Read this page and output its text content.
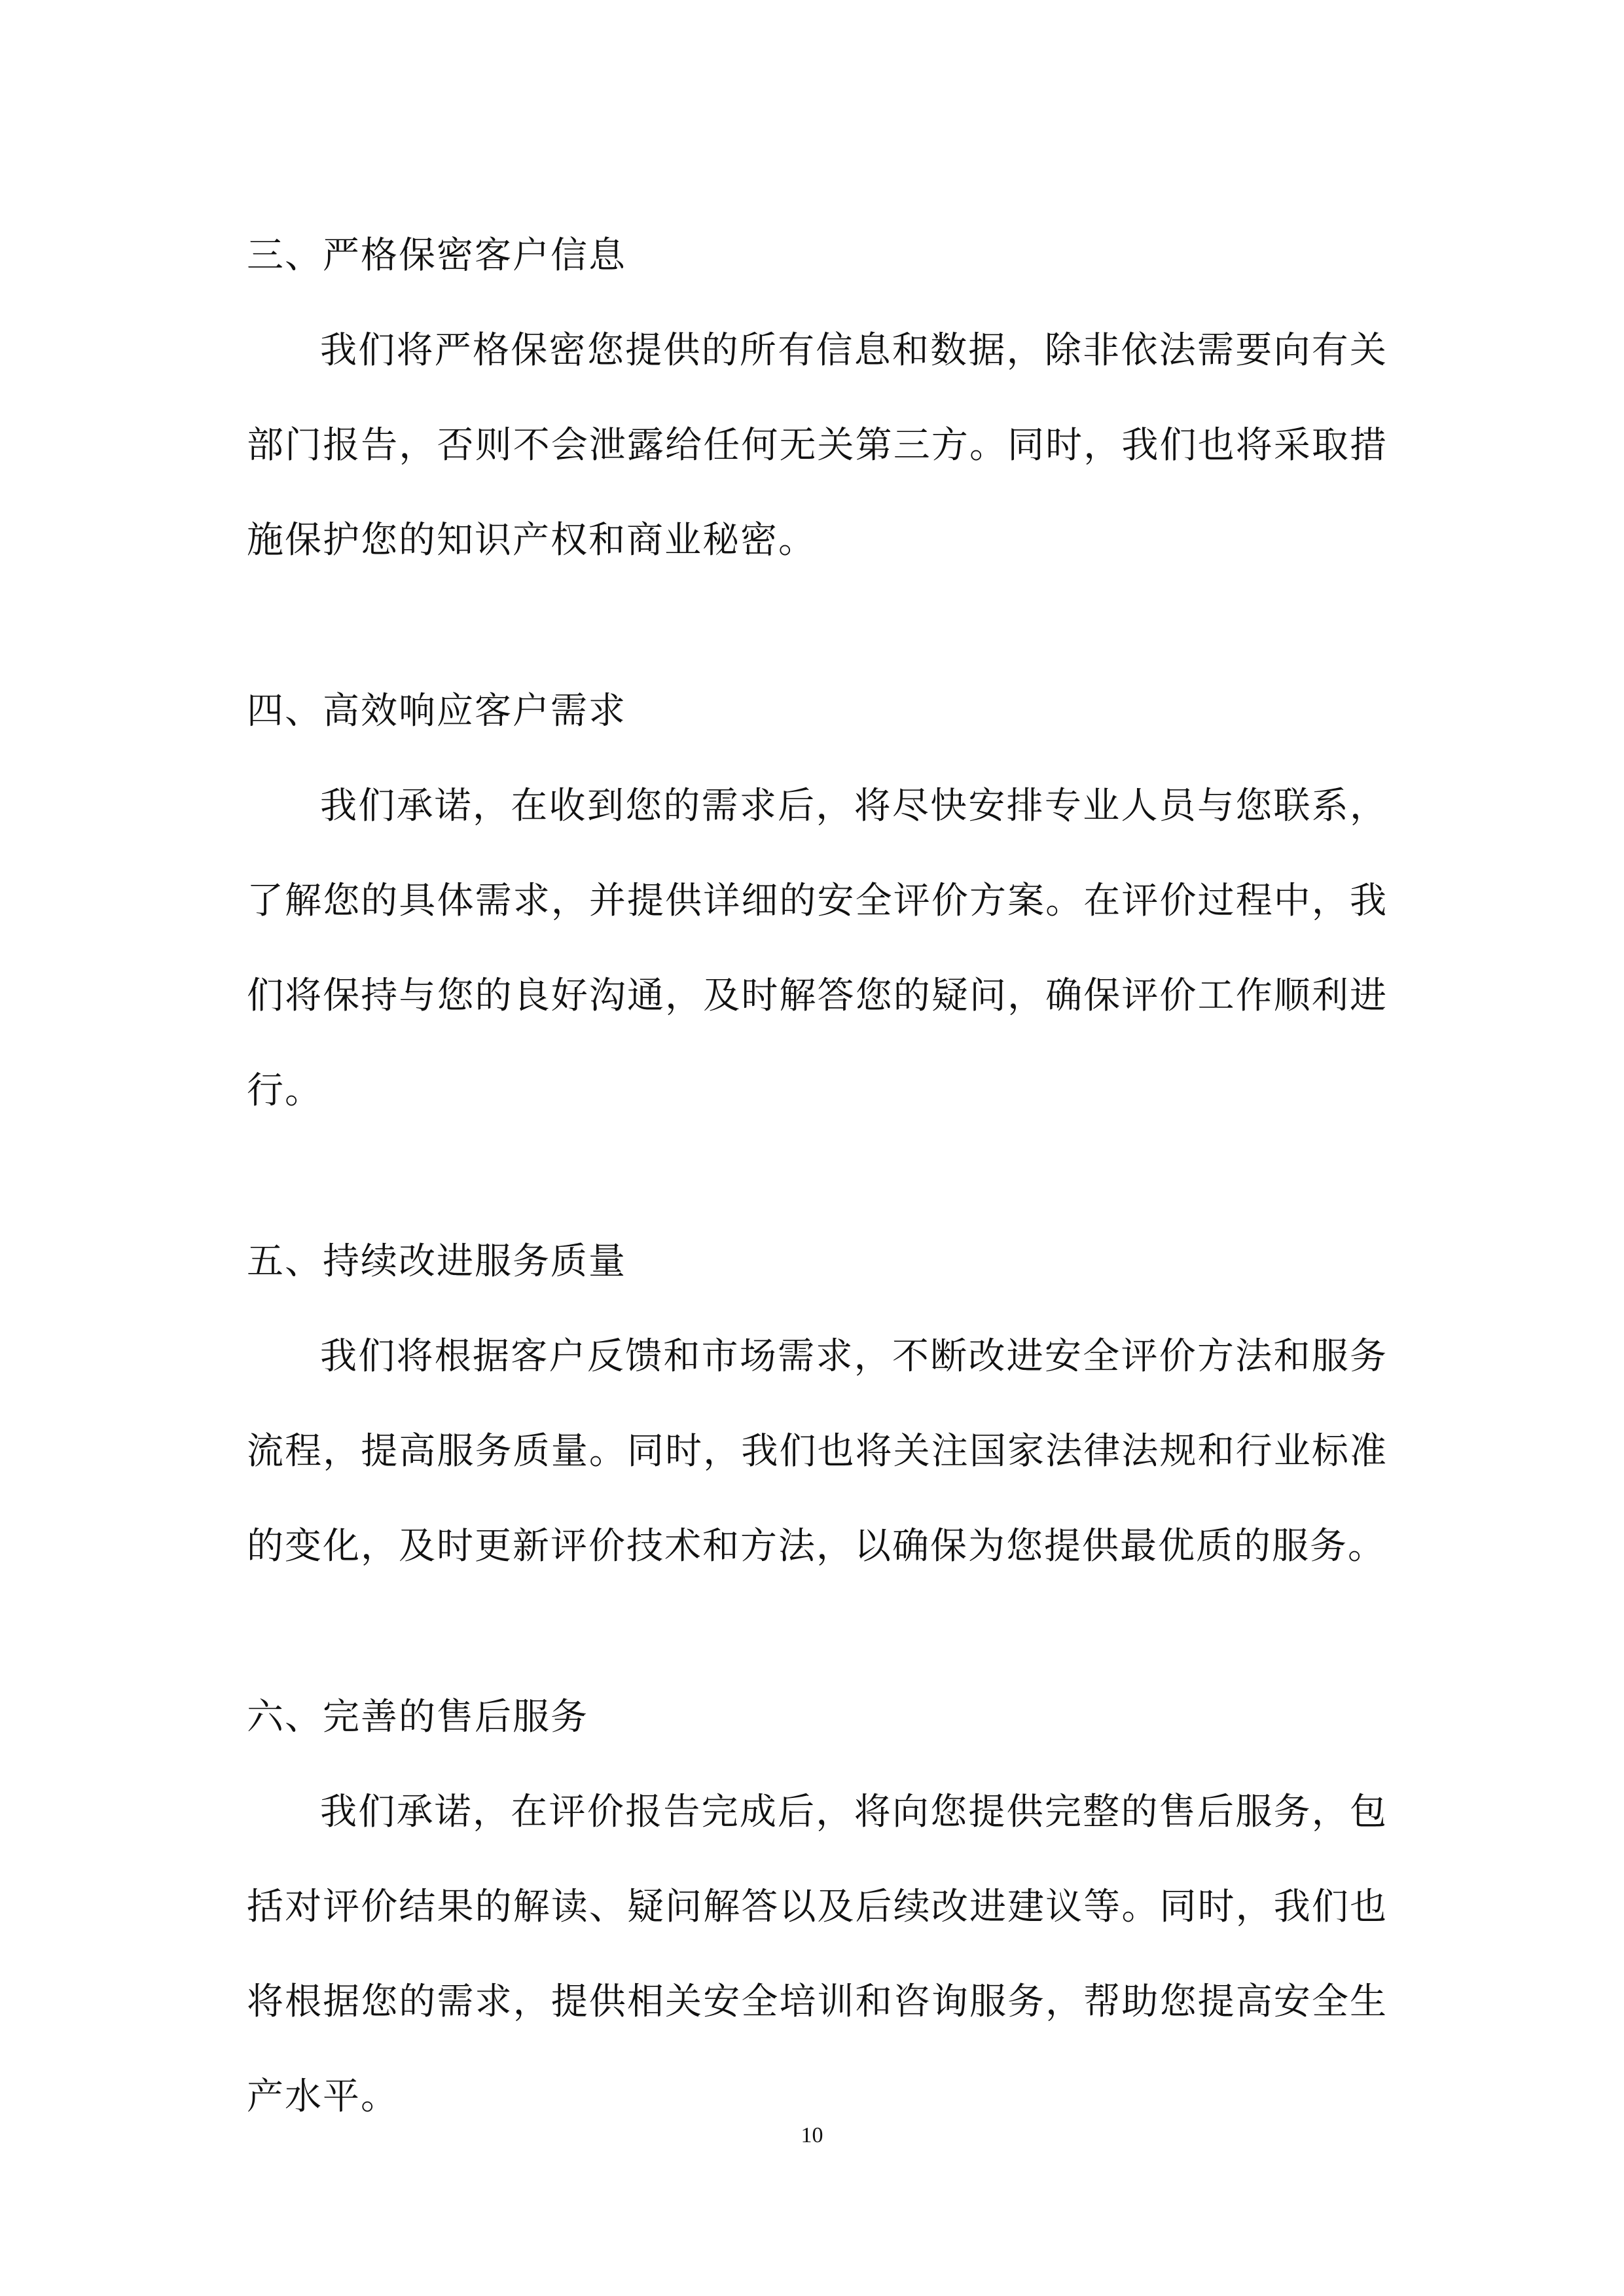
三、严格保密客户信息

我们将严格保密您提供的所有信息和数据，除非依法需要向有关部门报告，否则不会泄露给任何无关第三方。同时，我们也将采取措施保护您的知识产权和商业秘密。

四、高效响应客户需求

我们承诺，在收到您的需求后，将尽快安排专业人员与您联系，了解您的具体需求，并提供详细的安全评价方案。在评价过程中，我们将保持与您的良好沟通，及时解答您的疑问，确保评价工作顺利进行。

五、持续改进服务质量

我们将根据客户反馈和市场需求，不断改进安全评价方法和服务流程，提高服务质量。同时，我们也将关注国家法律法规和行业标准的变化，及时更新评价技术和方法，以确保为您提供最优质的服务。

六、完善的售后服务

我们承诺，在评价报告完成后，将向您提供完整的售后服务，包括对评价结果的解读、疑问解答以及后续改进建议等。同时，我们也将根据您的需求，提供相关安全培训和咨询服务，帮助您提高安全生产水平。

10
